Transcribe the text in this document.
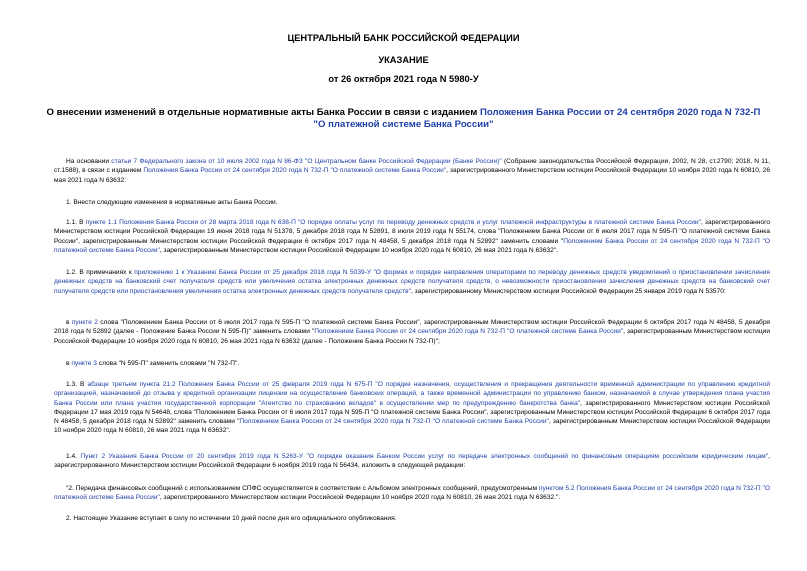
ЦЕНТРАЛЬНЫЙ БАНК РОССИЙСКОЙ ФЕДЕРАЦИИ
УКАЗАНИЕ
от 26 октября 2021 года N 5980-У
О внесении изменений в отдельные нормативные акты Банка России в связи с изданием Положения Банка России от 24 сентября 2020 года N 732-П "О платежной системе Банка России"

На основании статьи 7 Федерального закона от 10 июля 2002 года N 86-ФЗ "О Центральном банке Российской Федерации (Банке России)" (Собрание законодательства Российской Федерации, 2002, N 28, ст.2790; 2018, N 11, ст.1588), в связи с изданием Положения Банка России от 24 сентября 2020 года N 732-П "О платежной системе Банка России", зарегистрированного Министерством юстиции Российской Федерации 10 ноября 2020 года N 60810, 26 мая 2021 года N 63632:

1. Внести следующие изменения в нормативные акты Банка России.

1.1. В пункте 1.1 Положения Банка России от 28 марта 2018 года N 638-П "О порядке оплаты услуг по переводу денежных средств и услуг платежной инфраструктуры в платежной системе Банка России", зарегистрированного Министерством юстиции Российской Федерации 19 июня 2018 года N 51378, 5 декабря 2018 года N 52891, 8 июля 2019 года N 55174, слова "Положением Банка России от 6 июля 2017 года N 595-П "О платежной системе Банка России", зарегистрированным Министерством юстиции Российской Федерации 6 октября 2017 года N 48458, 5 декабря 2018 года N 52892" заменить словами "Положением Банка России от 24 сентября 2020 года N 732-П "О платежной системе Банка России", зарегистрированным Министерством юстиции Российской Федерации 10 ноября 2020 года N 60810, 26 мая 2021 года N 63632".

1.2. В примечаниях к приложению 1 к Указанию Банка России от 25 декабря 2018 года N 5039-У "О формах и порядке направления операторами по переводу денежных средств уведомлений о приостановлении зачисления денежных средств на банковский счет получателя средств или увеличения остатка электронных денежных средств получателя средств, о невозможности приостановления зачисления денежных средств на банковский счет получателя средств или приостановления увеличения остатка электронных денежных средств получателя средств", зарегистрированному Министерством юстиции Российской Федерации 25 января 2019 года N 53570:

в пункте 2 слова "Положением Банка России от 6 июля 2017 года N 595-П "О платежной системе Банка России", зарегистрированным Министерством юстиции Российской Федерации 6 октября 2017 года N 48458, 5 декабря 2018 года N 52892 (далее - Положение Банка России N 595-П)" заменить словами "Положением Банка России от 24 сентября 2020 года N 732-П "О платежной системе Банка России", зарегистрированным Министерством юстиции Российской Федерации 10 ноября 2020 года N 60810, 26 мая 2021 года N 63632 (далее - Положение Банка России N 732-П)";

в пункте 3 слова "N 595-П" заменить словами "N 732-П".

1.3. В абзаце третьем пункта 21.2 Положения Банка России от 25 февраля 2019 года N 675-П "О порядке назначения, осуществления и прекращения деятельности временной администрации по управлению кредитной организацией, назначаемой до отзыва у кредитной организации лицензии на осуществление банковских операций, а также временной администрации по управлению банком, назначаемой в случае утверждения плана участия Банка России или плана участия государственной корпорации "Агентство по страхованию вкладов" в осуществлении мер по предупреждению банкротства банка", зарегистрированного Министерством юстиции Российской Федерации 17 мая 2019 года N 54648, слова "Положением Банка России от 6 июля 2017 года N 595-П "О платежной системе Банка России", зарегистрированным Министерством юстиции Российской Федерации 6 октября 2017 года N 48458, 5 декабря 2018 года N 52892" заменить словами "Положением Банка России от 24 сентября 2020 года N 732-П "О платежной системе Банка России", зарегистрированным Министерством юстиции Российской Федерации 10 ноября 2020 года N 60810, 26 мая 2021 года N 63632".

1.4. Пункт 2 Указания Банка России от 20 сентября 2019 года N 5263-У "О порядке оказания Банком России услуг по передаче электронных сообщений по финансовым операциям российским юридическим лицам", зарегистрированного Министерством юстиции Российской Федерации 6 ноября 2019 года N 56434, изложить в следующей редакции:

"2. Передача финансовых сообщений с использованием СПФС осуществляется в соответствии с Альбомом электронных сообщений, предусмотренным пунктом 5.2 Положения Банка России от 24 сентября 2020 года N 732-П "О платежной системе Банка России", зарегистрированного Министерством юстиции Российской Федерации 10 ноября 2020 года N 60810, 26 мая 2021 года N 63632.".

2. Настоящее Указание вступает в силу по истечении 10 дней после дня его официального опубликования.
